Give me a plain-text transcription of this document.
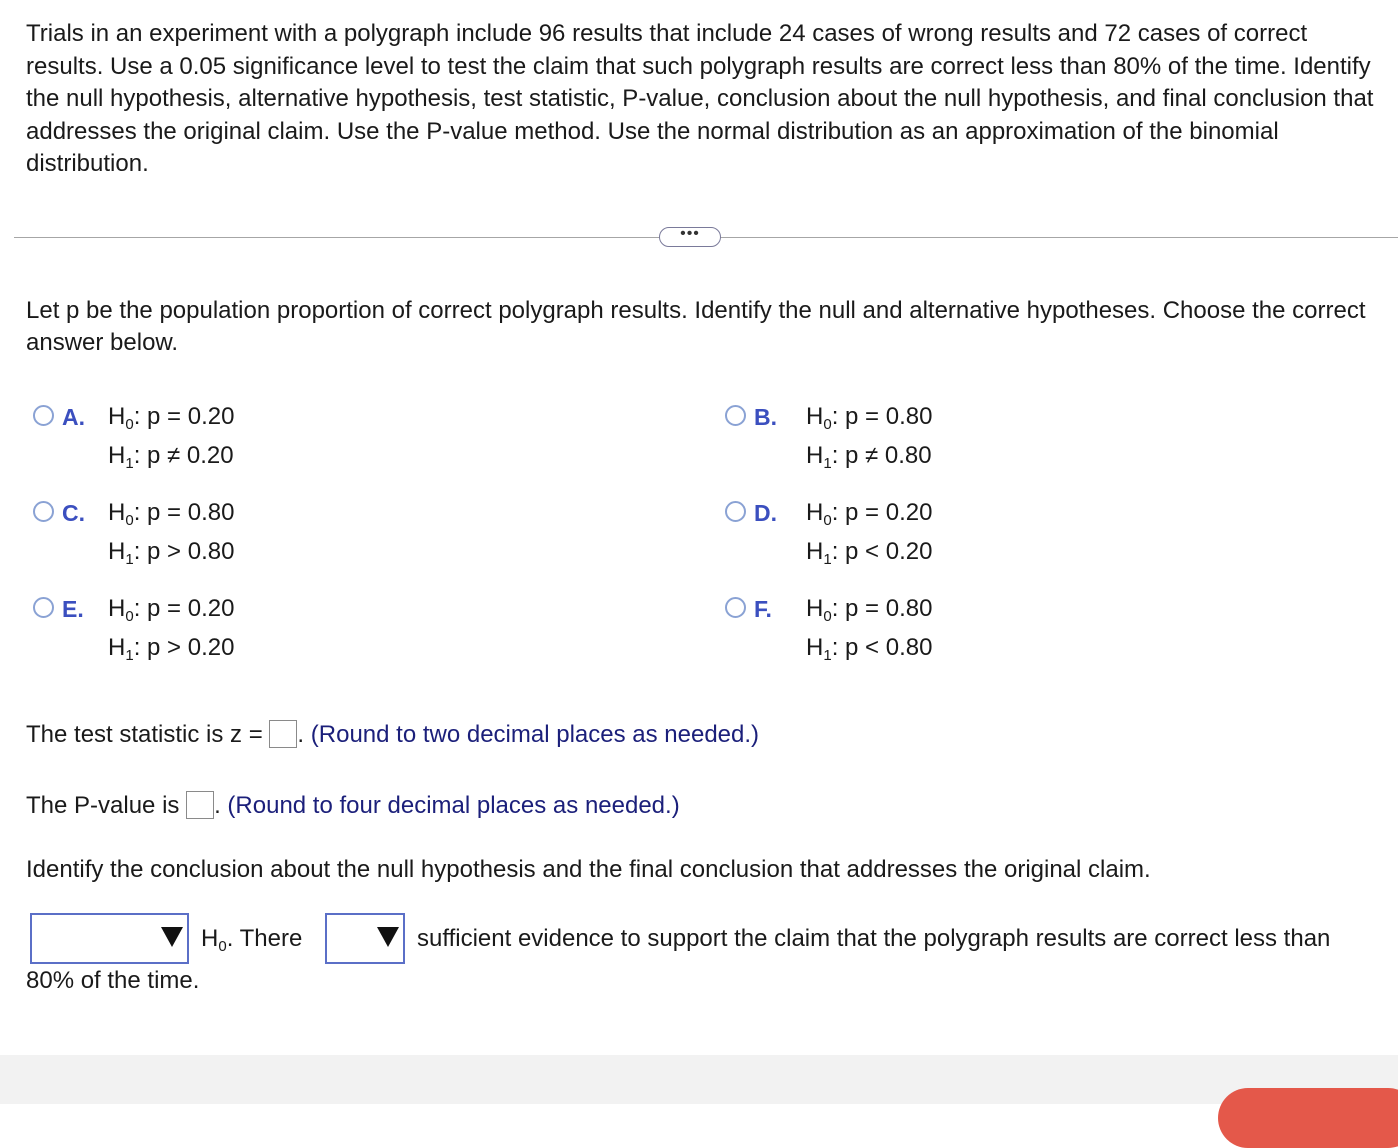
Trials in an experiment with a polygraph include 96 results that include 24 cases of wrong results and 72 cases of correct results. Use a 0.05 significance level to test the claim that such polygraph results are correct less than 80% of the time. Identify the null hypothesis, alternative hypothesis, test statistic, P-value, conclusion about the null hypothesis, and final conclusion that addresses the original claim. Use the P-value method. Use the normal distribution as an approximation of the binomial distribution.

•••

Let p be the population proportion of correct polygraph results. Identify the null and alternative hypotheses. Choose the correct answer below.

A. $H_0$: p = 0.20
$H_1$: p ≠ 0.20
B. $H_0$: p = 0.80
$H_1$: p ≠ 0.80
C. $H_0$: p = 0.80
$H_1$: p > 0.80
D. $H_0$: p = 0.20
$H_1$: p < 0.20
E. $H_0$: p = 0.20
$H_1$: p > 0.20
F. $H_0$: p = 0.80
$H_1$: p < 0.80
The test statistic is z = . (Round to two decimal places as needed.)
The P-value is . (Round to four decimal places as needed.)
Identify the conclusion about the null hypothesis and the final conclusion that addresses the original claim.
$H_0$. There	sufficient evidence to support the claim that the polygraph results are correct less than
80% of the time.
